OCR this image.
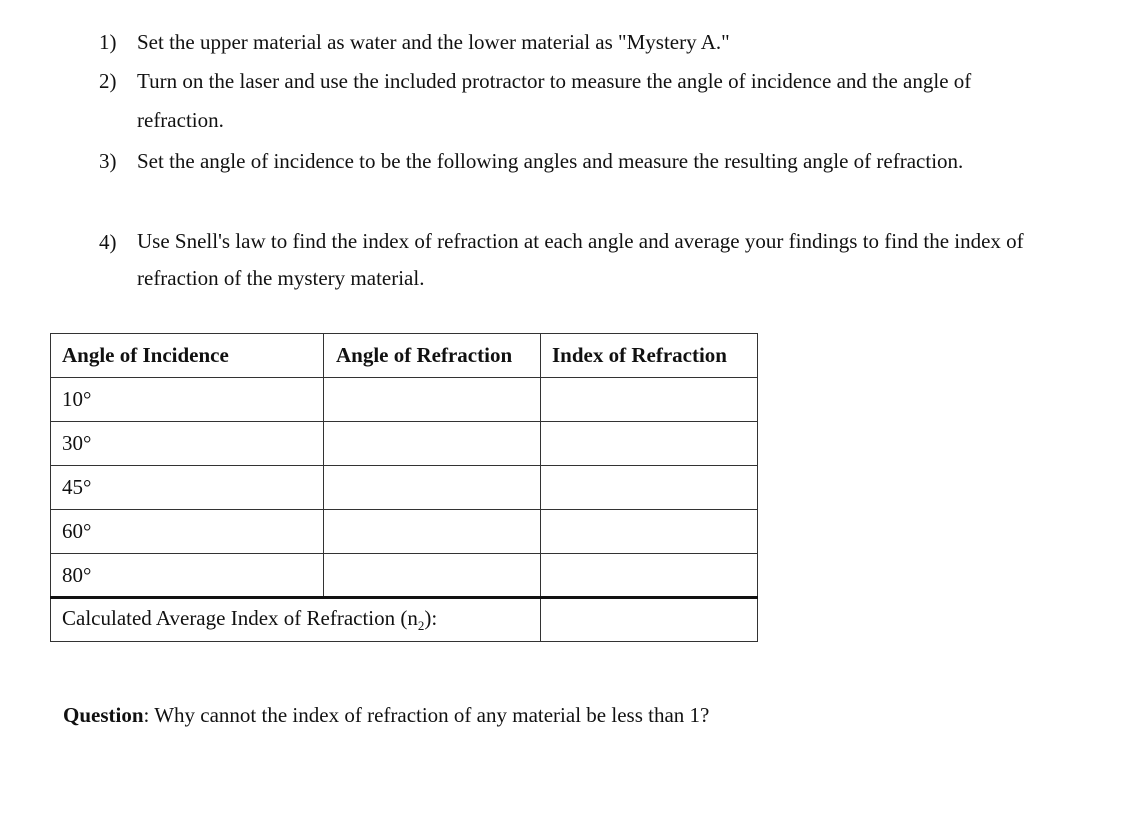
1) Set the upper material as water and the lower material as "Mystery A."
2) Turn on the laser and use the included protractor to measure the angle of incidence and the angle of refraction.
3) Set the angle of incidence to be the following angles and measure the resulting angle of refraction.
4) Use Snell's law to find the index of refraction at each angle and average your findings to find the index of refraction of the mystery material.
Angle of Incidence	Angle of Refraction	Index of Refraction
10°		
30°		
45°		
60°		
80°		
Calculated Average Index of Refraction $(n_2)$:		
Question: Why cannot the index of refraction of any material be less than 1?
